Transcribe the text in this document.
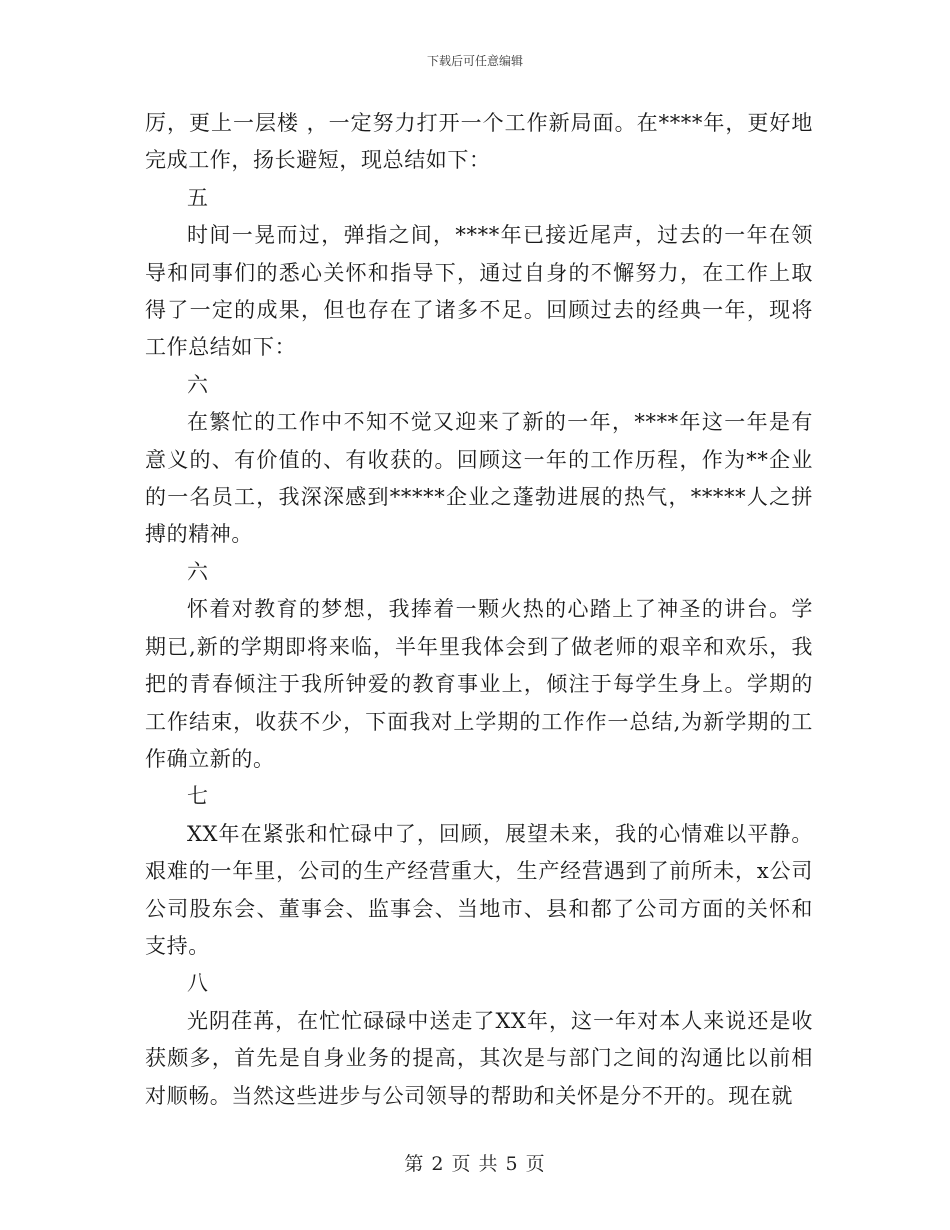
下载后可任意编辑

厉，更上一层楼 ，一定努力打开一个工作新局面。在****年，更好地完成工作，扬长避短，现总结如下：

五

时间一晃而过，弹指之间，****年已接近尾声，过去的一年在领导和同事们的悉心关怀和指导下，通过自身的不懈努力，在工作上取得了一定的成果，但也存在了诸多不足。回顾过去的经典一年，现将工作总结如下：

六

在繁忙的工作中不知不觉又迎来了新的一年，****年这一年是有意义的、有价值的、有收获的。回顾这一年的工作历程，作为**企业的一名员工，我深深感到*****企业之蓬勃进展的热气，*****人之拼搏的精神。

六

怀着对教育的梦想，我捧着一颗火热的心踏上了神圣的讲台。学期已,新的学期即将来临，半年里我体会到了做老师的艰辛和欢乐，我把的青春倾注于我所钟爱的教育事业上，倾注于每学生身上。学期的工作结束，收获不少，下面我对上学期的工作作一总结,为新学期的工作确立新的。

七

XX年在紧张和忙碌中了，回顾，展望未来，我的心情难以平静。艰难的一年里，公司的生产经营重大，生产经营遇到了前所未，x公司公司股东会、董事会、监事会、当地市、县和都了公司方面的关怀和支持。

八

光阴荏苒，在忙忙碌碌中送走了XX年，这一年对本人来说还是收获颇多，首先是自身业务的提高，其次是与部门之间的沟通比以前相对顺畅。当然这些进步与公司领导的帮助和关怀是分不开的。现在就

第 2 页 共 5 页
